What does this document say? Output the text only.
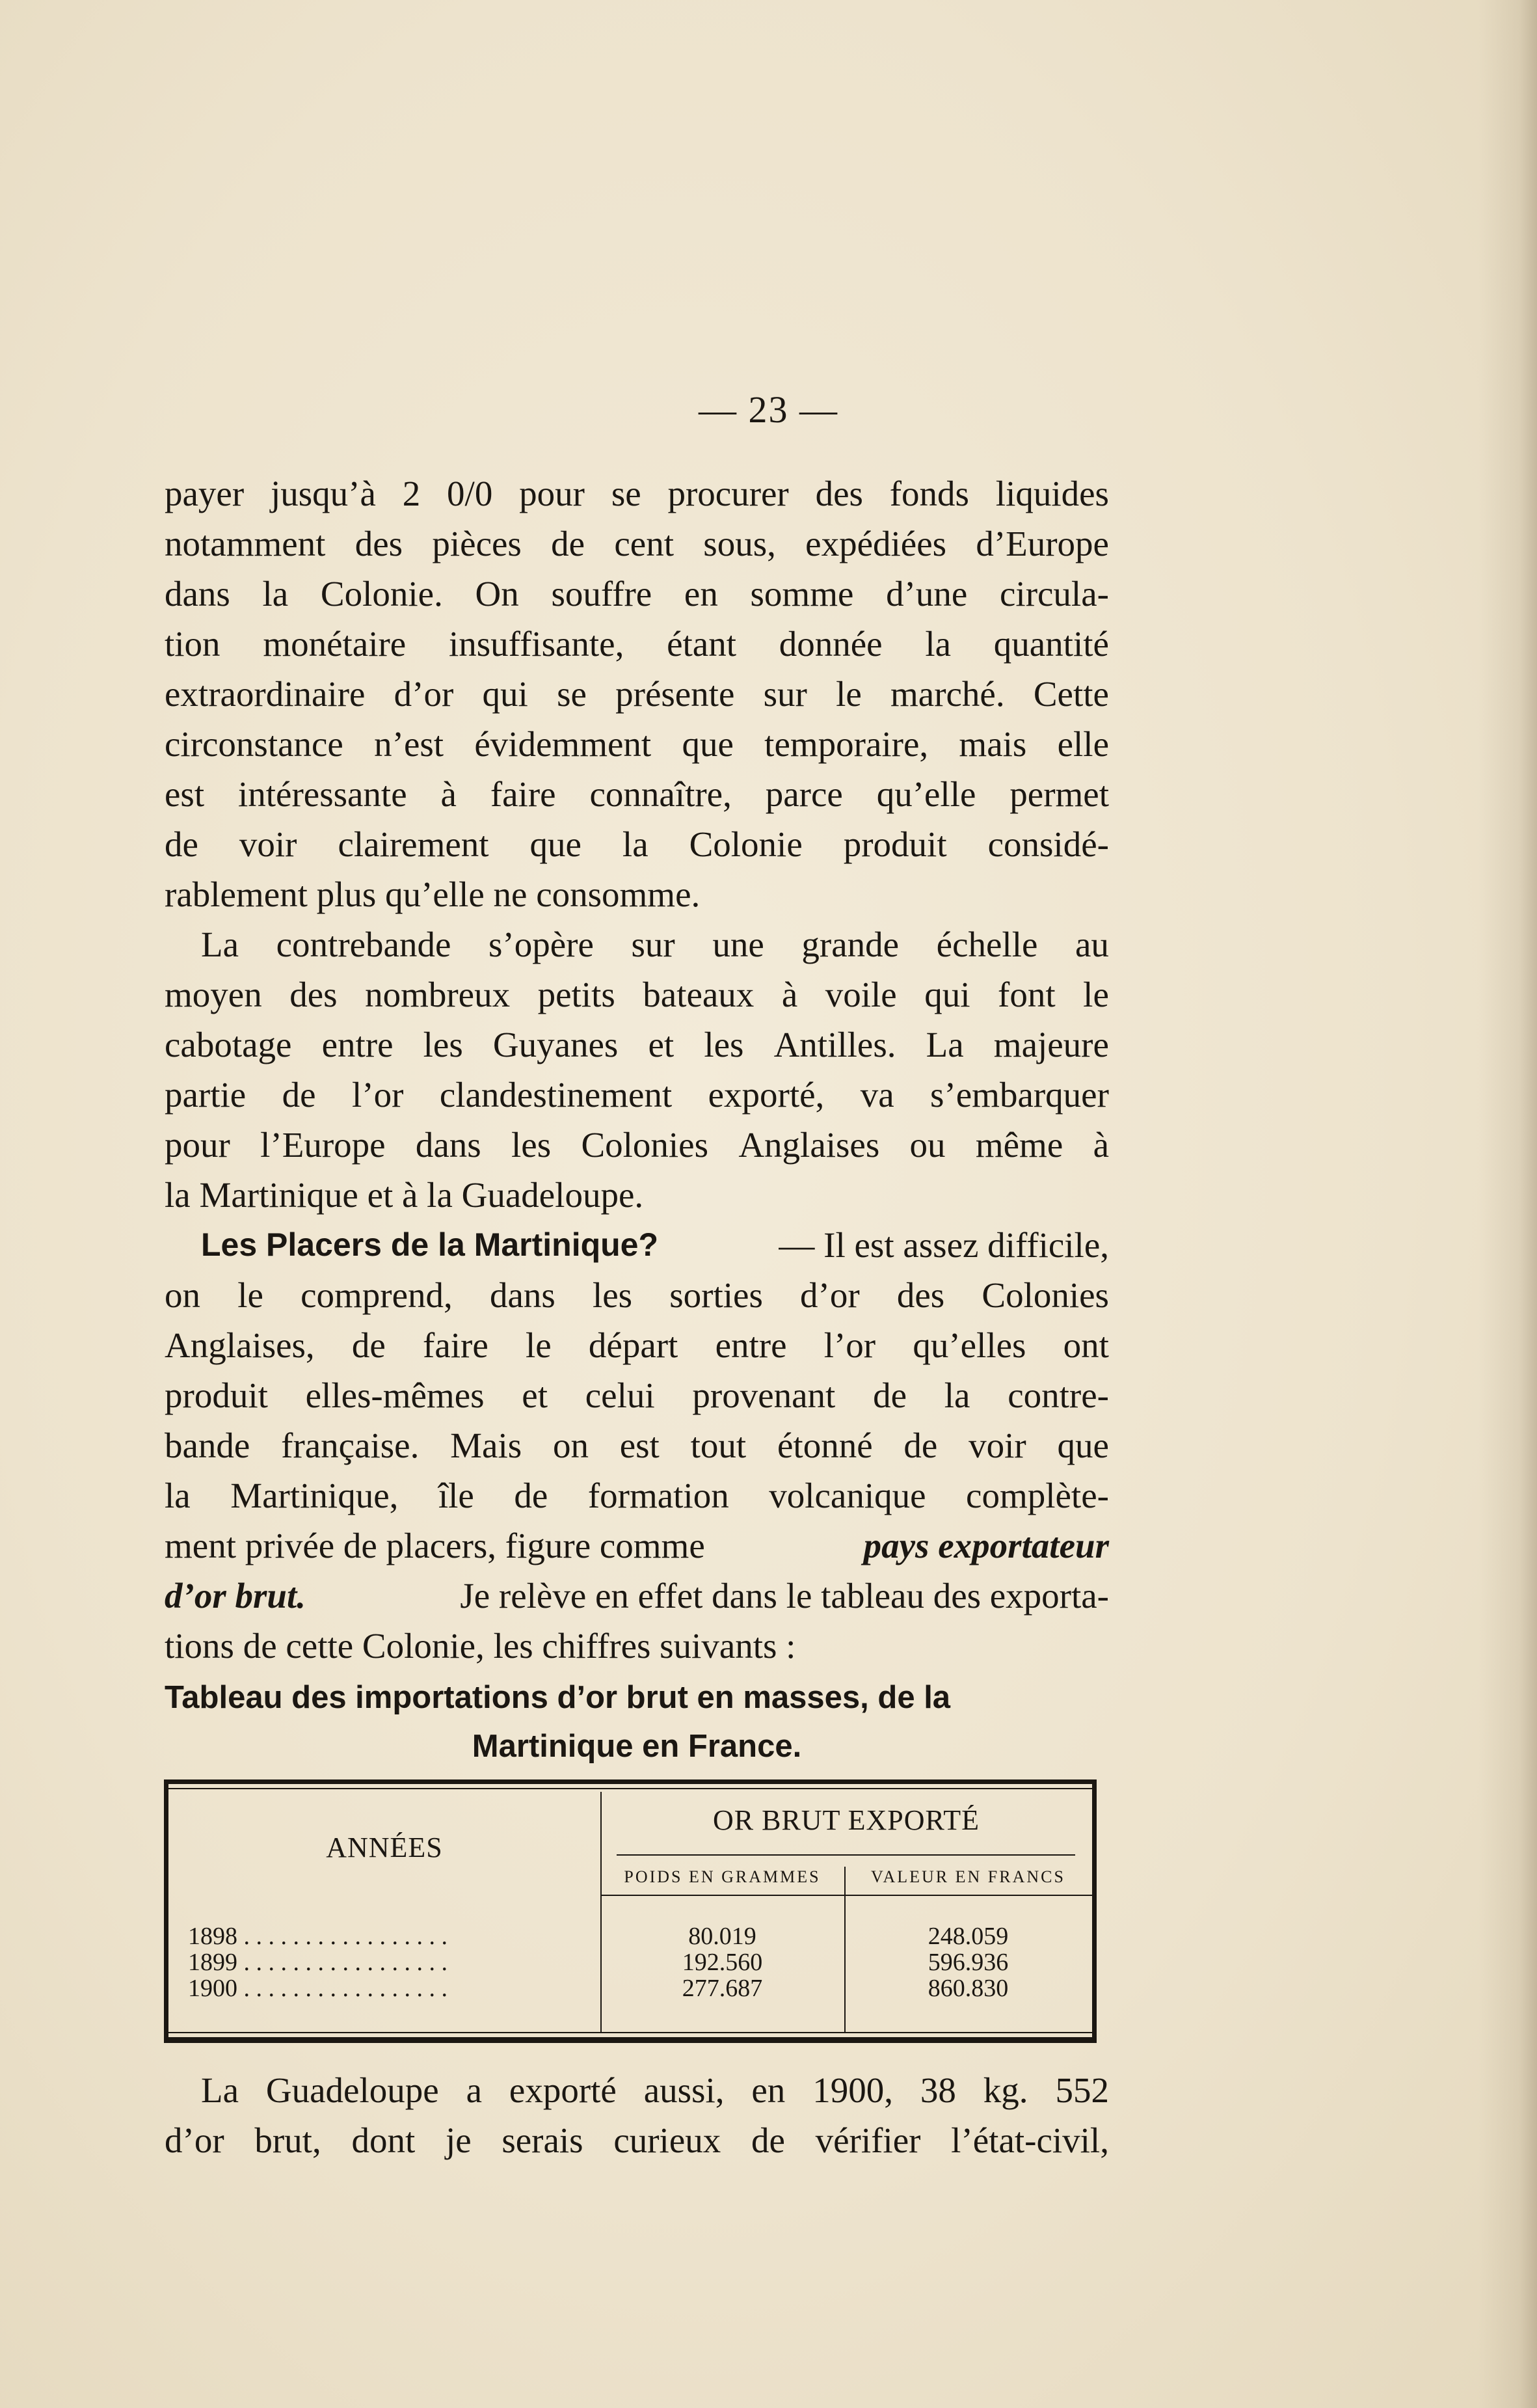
— 23 —
payer jusqu’à 2 0/0 pour se procurer des fonds liquides
notamment des pièces de cent sous, expédiées d’Europe
dans la Colonie. On souffre en somme d’une circula-
tion monétaire insuffisante, étant donnée la quantité
extraordinaire d’or qui se présente sur le marché. Cette
circonstance n’est évidemment que temporaire, mais elle
est intéressante à faire connaître, parce qu’elle permet
de voir clairement que la Colonie produit considé-
rablement plus qu’elle ne consomme.
La contrebande s’opère sur une grande échelle au
moyen des nombreux petits bateaux à voile qui font le
cabotage entre les Guyanes et les Antilles. La majeure
partie de l’or clandestinement exporté, va s’embarquer
pour l’Europe dans les Colonies Anglaises ou même à
la Martinique et à la Guadeloupe.
Les Placers de la Martinique?	— Il est assez difficile,
on le comprend, dans les sorties d’or des Colonies
Anglaises, de faire le départ entre l’or qu’elles ont
produit elles-mêmes et celui provenant de la contre-
bande française. Mais on est tout étonné de voir que
la Martinique, île de formation volcanique complète-
ment privée de placers, figure comme	pays exportateur
d’or brut.	Je relève en effet dans le tableau des exporta-
tions de cette Colonie, les chiffres suivants :
Tableau des importations d’or brut en masses, de la
Martinique en France.
ANNÉES
OR BRUT EXPORTÉ
POIDS EN GRAMMES	VALEUR EN FRANCS
1898 . . . . . . . . . . . . . . . . .	80.019	248.059
1899 . . . . . . . . . . . . . . . . .	192.560	596.936
1900 . . . . . . . . . . . . . . . . .	277.687	860.830
La Guadeloupe a exporté aussi, en 1900, 38 kg. 552
d’or brut, dont je serais curieux de vérifier l’état-civil,
